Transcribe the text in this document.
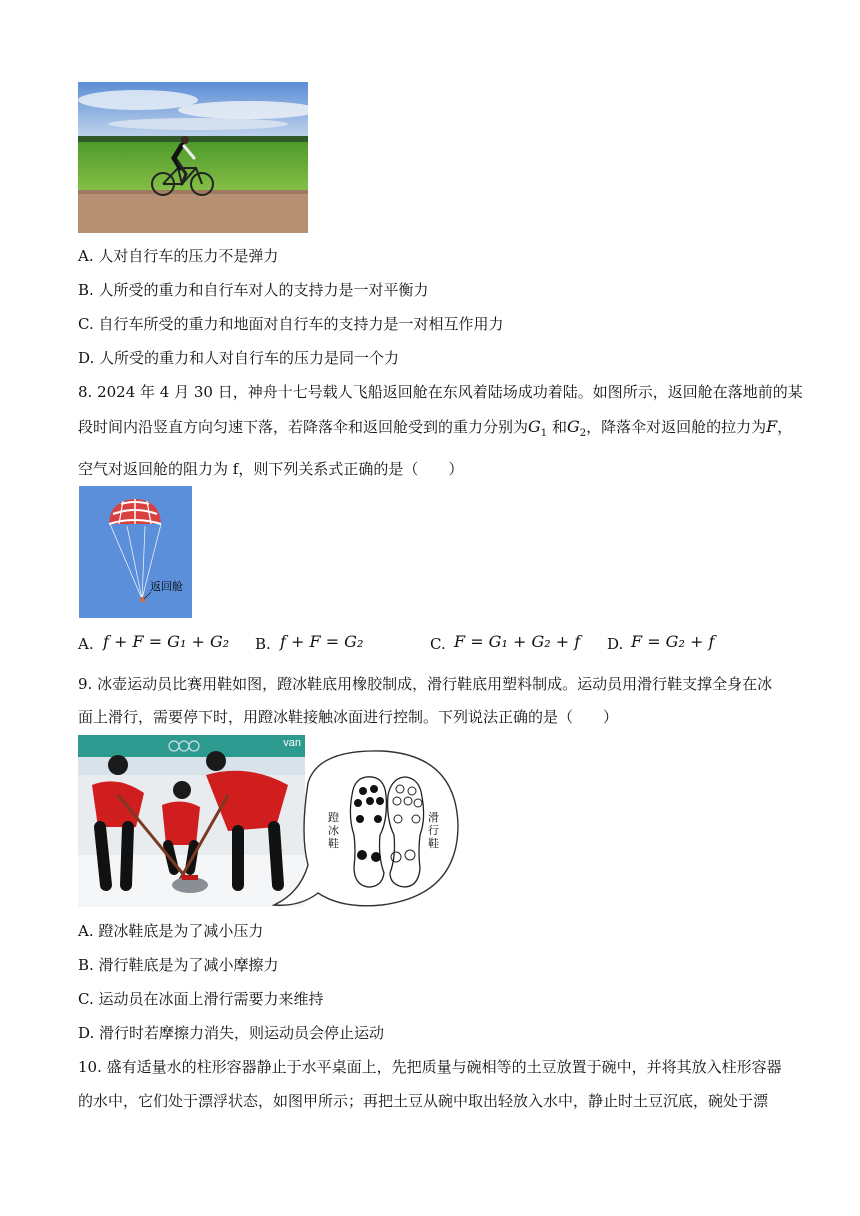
A. 人对自行车的压力不是弹力
B. 人所受的重力和自行车对人的支持力是一对平衡力
C. 自行车所受的重力和地面对自行车的支持力是一对相互作用力
D. 人所受的重力和人对自行车的压力是同一个力
8. 2024 年 4 月 30 日，神舟十七号载人飞船返回舱在东风着陆场成功着陆。如图所示，返回舱在落地前的某
段时间内沿竖直方向匀速下落，若降落伞和返回舱受到的重力分别为$G_1$ 和$G_2$，降落伞对返回舱的拉力为F，
空气对返回舱的阻力为 f，则下列关系式正确的是（　　）
返回舱
A. f + F = G₁ + G₂ B. f + F = G₂	C. F = G₁ + G₂ + f D. F = G₂ + f
9. 冰壶运动员比赛用鞋如图，蹬冰鞋底用橡胶制成，滑行鞋底用塑料制成。运动员用滑行鞋支撑全身在冰
面上滑行，需要停下时，用蹬冰鞋接触冰面进行控制。下列说法正确的是（　　）
van
蹬冰鞋
滑行鞋
A. 蹬冰鞋底是为了减小压力
B. 滑行鞋底是为了减小摩擦力
C. 运动员在冰面上滑行需要力来维持
D. 滑行时若摩擦力消失，则运动员会停止运动
10. 盛有适量水的柱形容器静止于水平桌面上，先把质量与碗相等的土豆放置于碗中，并将其放入柱形容器
的水中，它们处于漂浮状态，如图甲所示；再把土豆从碗中取出轻放入水中，静止时土豆沉底，碗处于漂
